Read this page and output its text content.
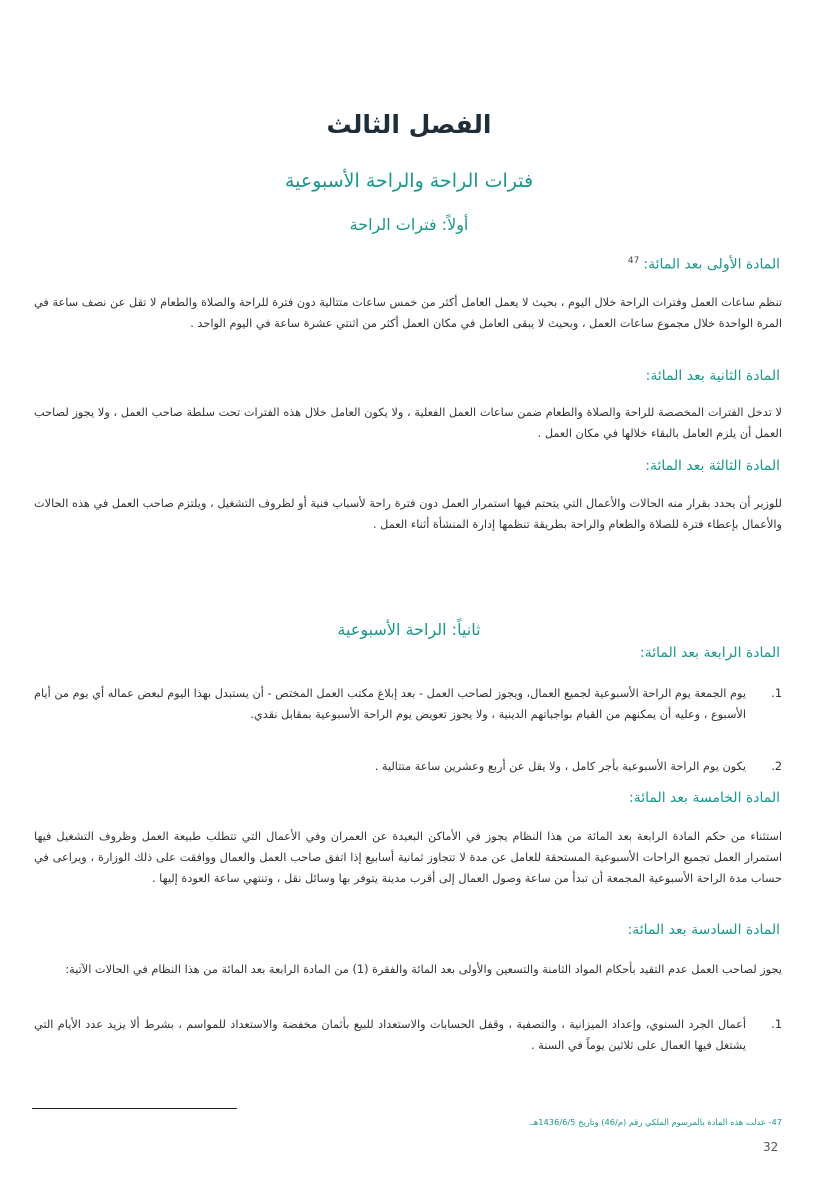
الفصل الثالث
فترات الراحة والراحة الأسبوعية
أولاً: فترات الراحة
المادة الأولى بعد المائة:$^{47}$
تنظم ساعات العمل وفترات الراحة خلال اليوم ، بحيث لا يعمل العامل أكثر من خمس ساعات متتالية دون فترة للراحة والصلاة والطعام لا تقل عن نصف ساعة في المرة الواحدة خلال مجموع ساعات العمل ، وبحيث لا يبقى العامل في مكان العمل أكثر من اثنتي عشرة ساعة في اليوم الواحد .
المادة الثانية بعد المائة:
لا تدخل الفترات المخصصة للراحة والصلاة والطعام ضمن ساعات العمل الفعلية ، ولا يكون العامل خلال هذه الفترات تحت سلطة صاحب العمل ، ولا يجوز لصاحب العمل أن يلزم العامل بالبقاء خلالها في مكان العمل .
المادة الثالثة بعد المائة:
للوزير أن يحدد بقرار منه الحالات والأعمال التي يتحتم فيها استمرار العمل دون فترة راحة لأسباب فنية أو لظروف التشغيل ، ويلتزم صاحب العمل في هذه الحالات والأعمال بإعطاء فترة للصلاة والطعام والراحة بطريقة تنظمها إدارة المنشأة أثناء العمل .
ثانياً: الراحة الأسبوعية
المادة الرابعة بعد المائة:
1.
يوم الجمعة يوم الراحة الأسبوعية لجميع العمال، ويجوز لصاحب العمل - بعد إبلاغ مكتب العمل المختص - أن يستبدل بهذا اليوم لبعض عماله أي يوم من أيام الأسبوع ، وعليه أن يمكنهم من القيام بواجباتهم الدينية ، ولا يجوز تعويض يوم الراحة الأسبوعية بمقابل نقدي.
2.
يكون يوم الراحة الأسبوعية بأجر كامل ، ولا يقل عن أربع وعشرين ساعة متتالية .
المادة الخامسة بعد المائة:
استثناء من حكم المادة الرابعة بعد المائة من هذا النظام يجوز في الأماكن البعيدة عن العمران وفي الأعمال التي تتطلب طبيعة العمل وظروف التشغيل فيها استمرار العمل تجميع الراحات الأسبوعية المستحقة للعامل عن مدة لا تتجاوز ثمانية أسابيع إذا اتفق صاحب العمل والعمال ووافقت على ذلك الوزارة ، ويراعى في حساب مدة الراحة الأسبوعية المجمعة أن تبدأ من ساعة وصول العمال إلى أقرب مدينة يتوفر بها وسائل نقل ، وتنتهي ساعة العودة إليها .
المادة السادسة بعد المائة:
يجوز لصاحب العمل عدم التقيد بأحكام المواد الثامنة والتسعين والأولى بعد المائة والفقرة (1) من المادة الرابعة بعد المائة من هذا النظام في الحالات الآتية:
1.
أعمال الجرد السنوي، وإعداد الميزانية ، والتصفية ، وقفل الحسابات والاستعداد للبيع بأثمان مخفضة والاستعداد للمواسم ، بشرط ألا يزيد عدد الأيام التي يشتغل فيها العمال على ثلاثين يوماً في السنة .
47- عدلت هذه المادة بالمرسوم الملكي رقم (م/46) وتاريخ 1436/6/5هـ.
32
